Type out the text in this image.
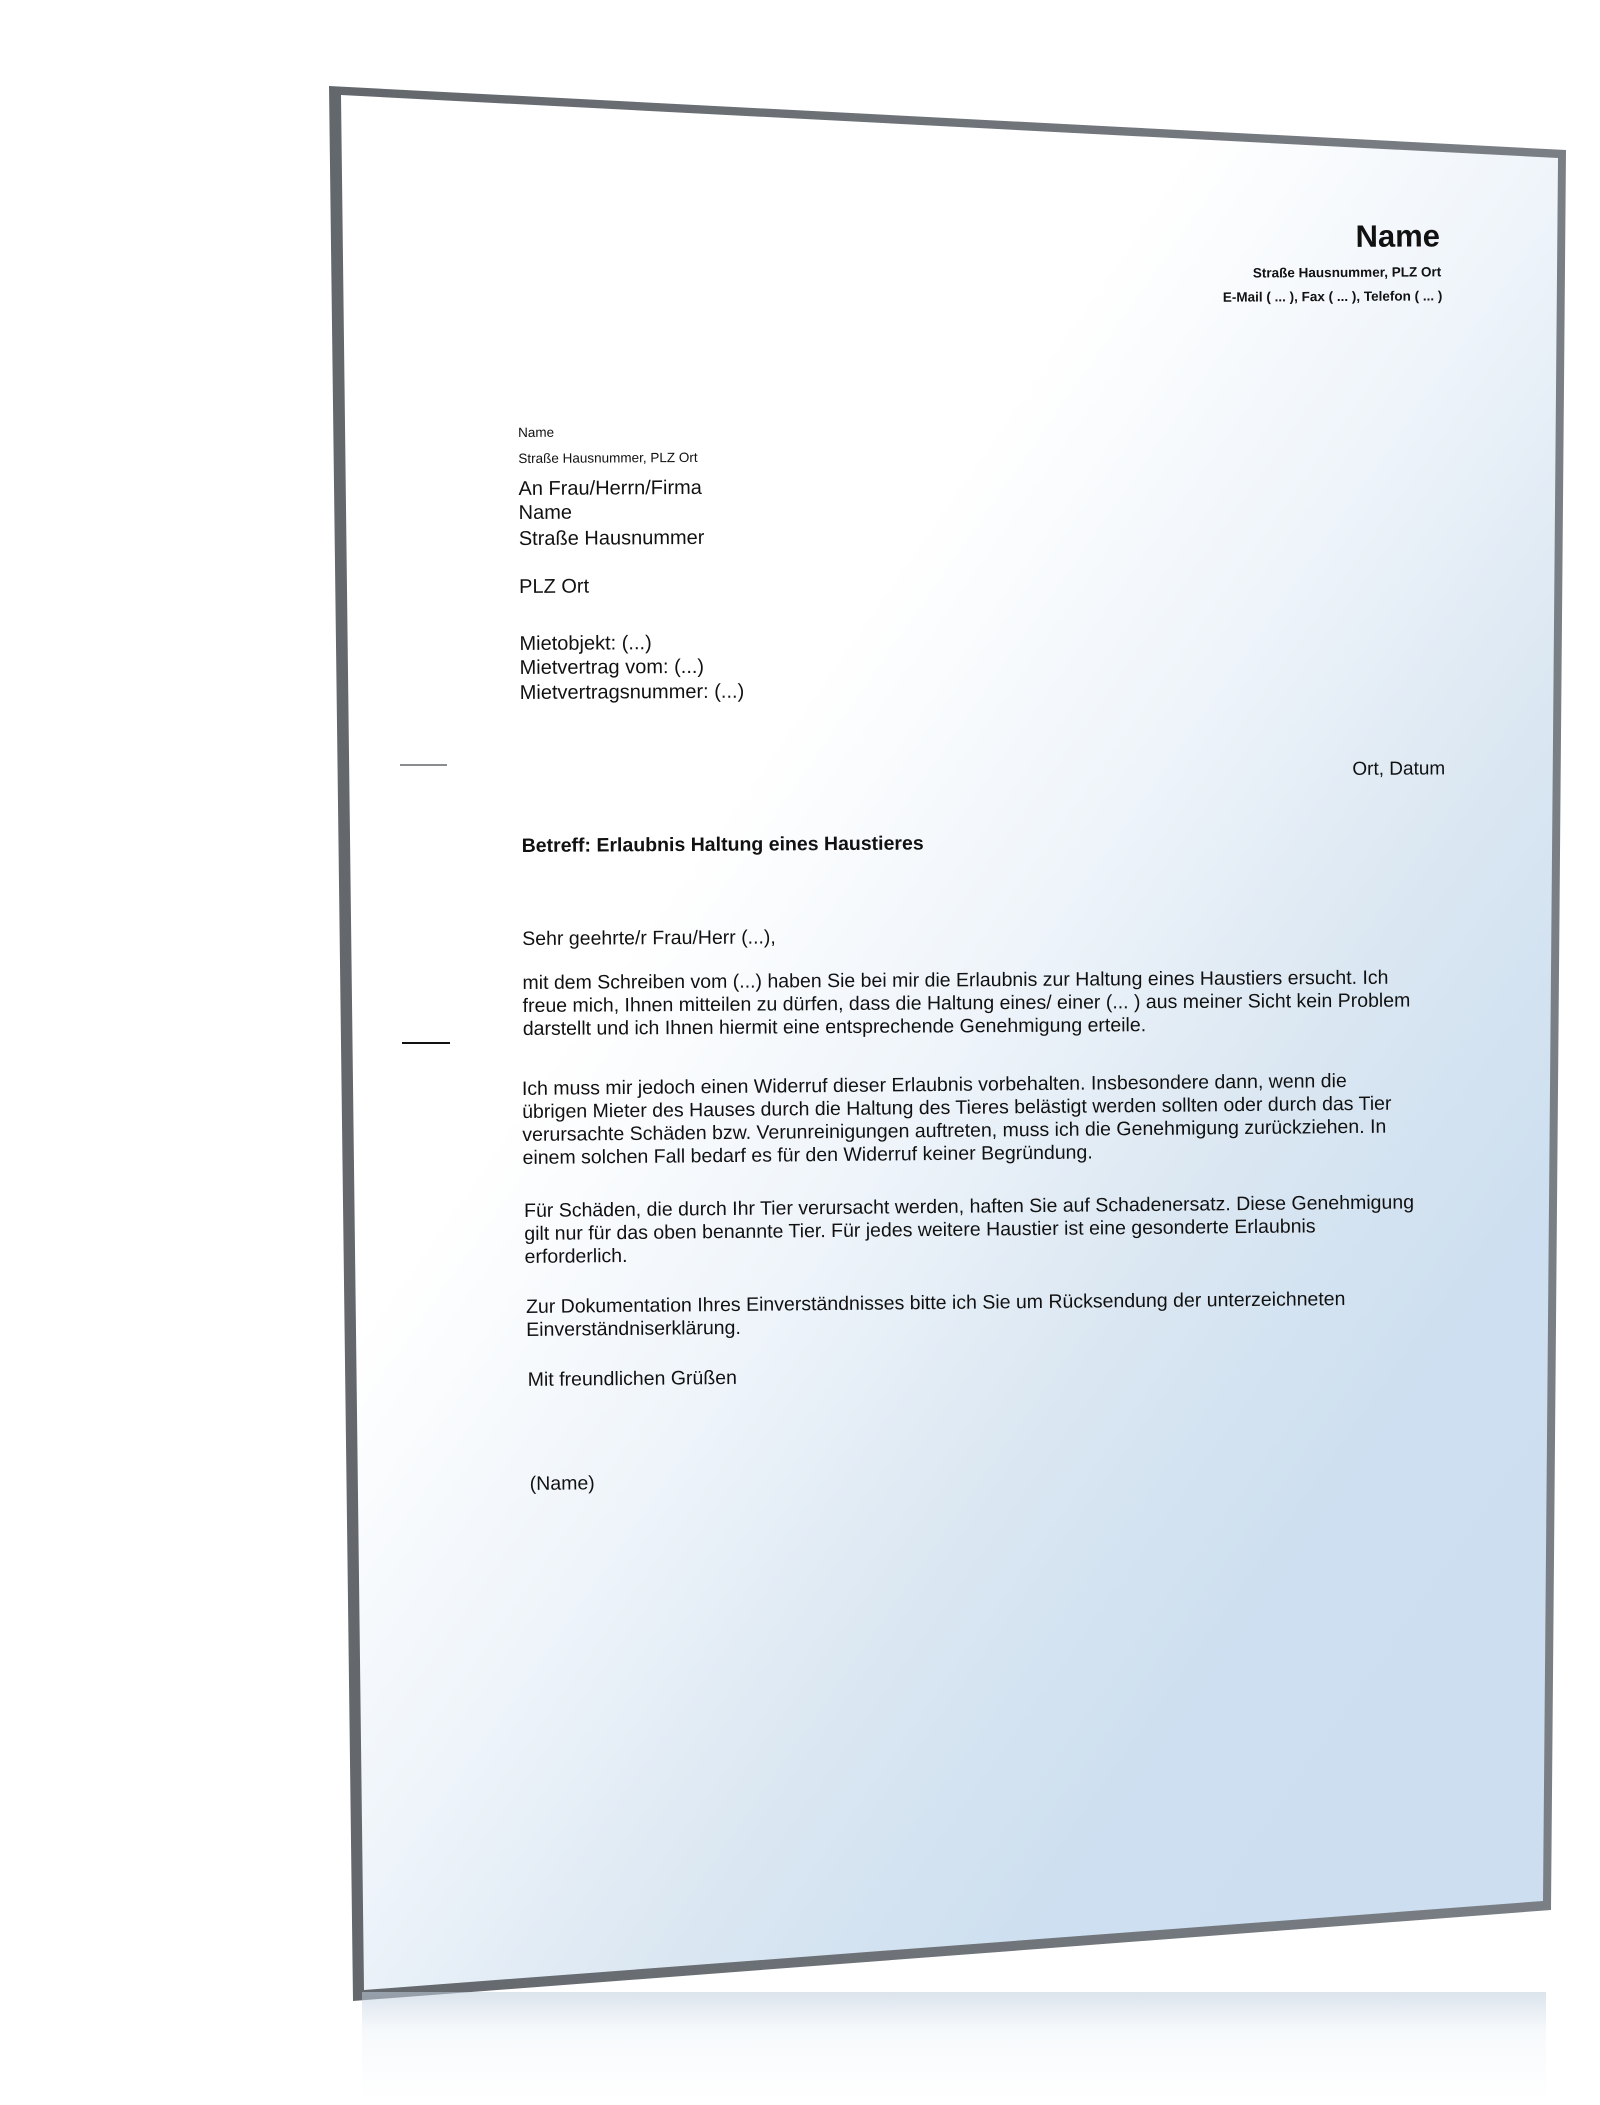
Name
Straße Hausnummer, PLZ Ort
E-Mail ( ... ), Fax ( ... ), Telefon ( ... )
Name
Straße Hausnummer, PLZ Ort
An Frau/Herrn/Firma
Name
Straße Hausnummer
PLZ Ort
Mietobjekt: (...)
Mietvertrag vom: (...)
Mietvertragsnummer: (...)
Ort, Datum
Betreff: Erlaubnis Haltung eines Haustieres
Sehr geehrte/r Frau/Herr (...),
mit dem Schreiben vom (...) haben Sie bei mir die Erlaubnis zur Haltung eines Haustiers ersucht. Ich
freue mich, Ihnen mitteilen zu dürfen, dass die Haltung eines/ einer (... ) aus meiner Sicht kein Problem
darstellt und ich Ihnen hiermit eine entsprechende Genehmigung erteile.
Ich muss mir jedoch einen Widerruf dieser Erlaubnis vorbehalten. Insbesondere dann, wenn die
übrigen Mieter des Hauses durch die Haltung des Tieres belästigt werden sollten oder durch das Tier
verursachte Schäden bzw. Verunreinigungen auftreten, muss ich die Genehmigung zurückziehen. In
einem solchen Fall bedarf es für den Widerruf keiner Begründung.
Für Schäden, die durch Ihr Tier verursacht werden, haften Sie auf Schadenersatz. Diese Genehmigung
gilt nur für das oben benannte Tier. Für jedes weitere Haustier ist eine gesonderte Erlaubnis
erforderlich.
Zur Dokumentation Ihres Einverständnisses bitte ich Sie um Rücksendung der unterzeichneten
Einverständniserklärung.
Mit freundlichen Grüßen
(Name)
